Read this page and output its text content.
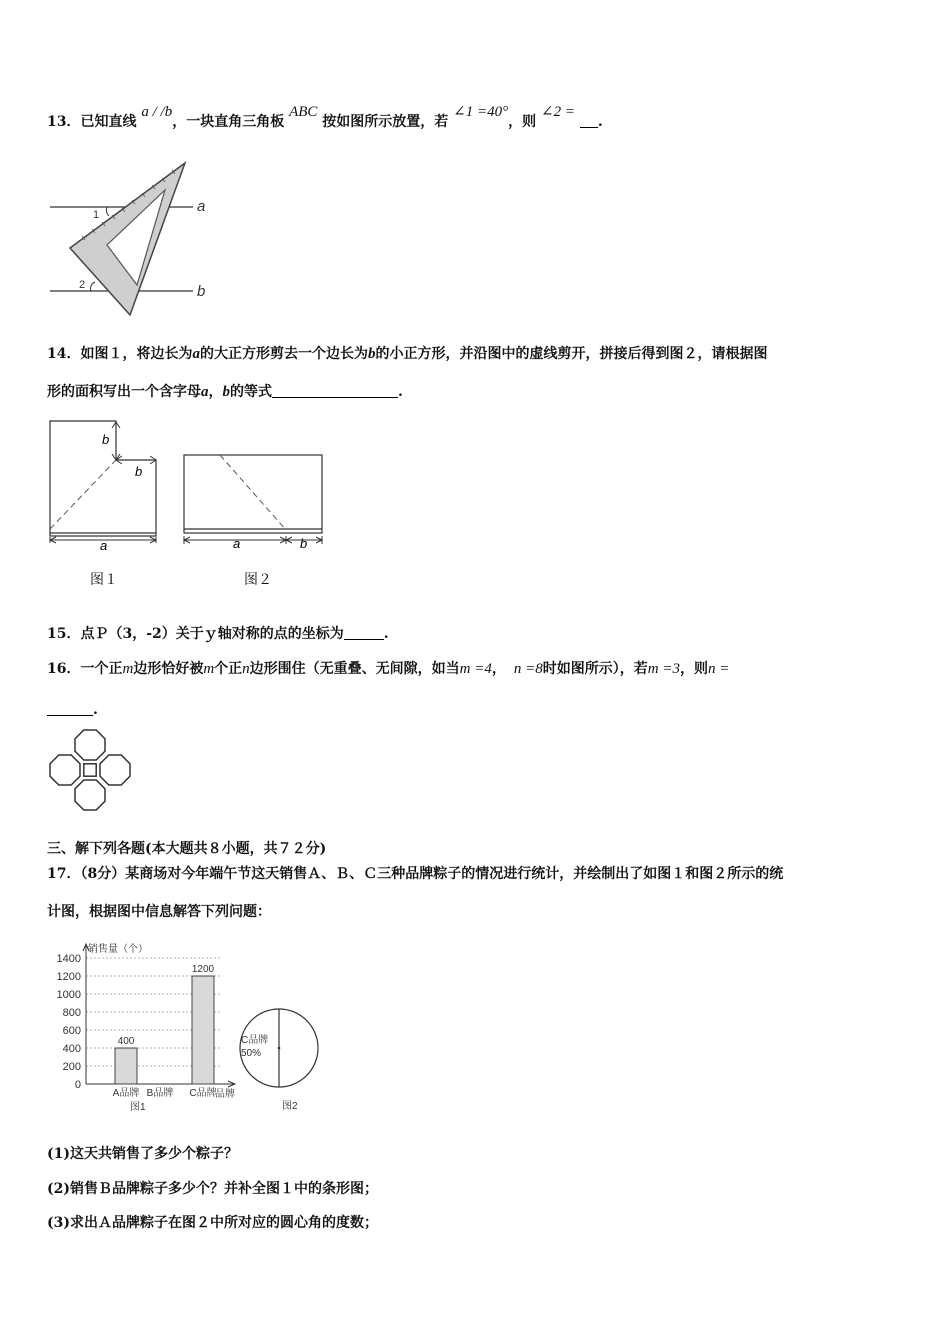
13．已知直线 a / /b，一块直角三角板 ABC 按如图所示放置，若 ∠1 =40°，则 ∠2 = .
1
2
a
b
14．如图１，将边长为a的大正方形剪去一个边长为b的小正方形，并沿图中的虚线剪开，拼接后得到图２，请根据图
形的面积写出一个含字母a，b的等式	.
b
b
a
图１
a	b
图２
15．点Ｐ（3，-2）关于ｙ轴对称的点的坐标为	.
16．一个正m边形恰好被m个正n边形围住（无重叠、无间隙，如当m =4， n =8时如图所示），若m =3，则n =
.
三、解下列各题(本大题共８小题，共７２分)
17．（8分）某商场对今年端午节这天销售Ａ、Ｂ、Ｃ三种品牌粽子的情况进行统计，并绘制出了如图１和图２所示的统
计图，根据图中信息解答下列问题：
0
200
400
600
800
1000
1200
1400
400
A品牌 B品牌
1200
C品牌
销售量（个）
品牌
图1
C品牌
50%
图2
(1)这天共销售了多少个粽子？
(2)销售Ｂ品牌粽子多少个？并补全图１中的条形图；
(3)求出Ａ品牌粽子在图２中所对应的圆心角的度数；
